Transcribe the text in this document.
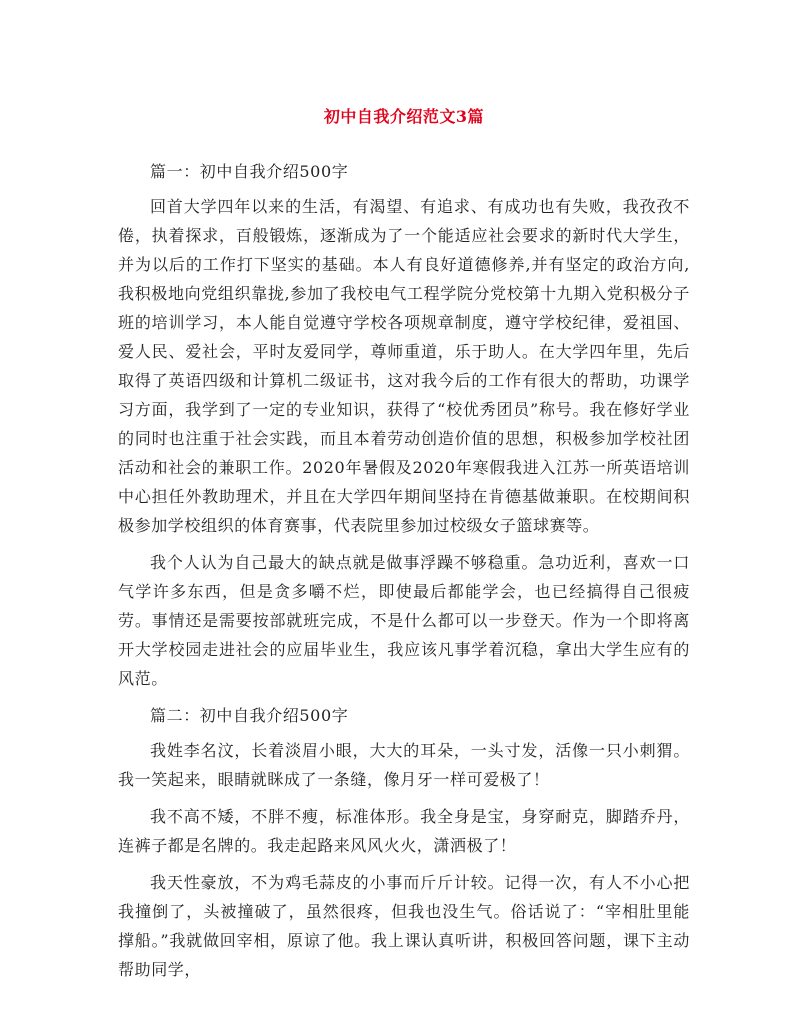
初中自我介绍范文3篇

篇一：初中自我介绍500字

回首大学四年以来的生活，有渴望、有追求、有成功也有失败，我孜孜不倦，执着探求，百般锻炼，逐渐成为了一个能适应社会要求的新时代大学生，并为以后的工作打下坚实的基础。本人有良好道德修养,并有坚定的政治方向,我积极地向党组织靠拢,参加了我校电气工程学院分党校第十九期入党积极分子班的培训学习，本人能自觉遵守学校各项规章制度，遵守学校纪律，爱祖国、爱人民、爱社会，平时友爱同学，尊师重道，乐于助人。在大学四年里，先后取得了英语四级和计算机二级证书，这对我今后的工作有很大的帮助，功课学习方面，我学到了一定的专业知识，获得了“校优秀团员”称号。我在修好学业的同时也注重于社会实践，而且本着劳动创造价值的思想，积极参加学校社团活动和社会的兼职工作。2020年暑假及2020年寒假我进入江苏一所英语培训中心担任外教助理术，并且在大学四年期间坚持在肯德基做兼职。在校期间积极参加学校组织的体育赛事，代表院里参加过校级女子篮球赛等。

我个人认为自己最大的缺点就是做事浮躁不够稳重。急功近利，喜欢一口气学许多东西，但是贪多嚼不烂，即使最后都能学会，也已经搞得自己很疲劳。事情还是需要按部就班完成，不是什么都可以一步登天。作为一个即将离开大学校园走进社会的应届毕业生，我应该凡事学着沉稳，拿出大学生应有的风范。

篇二：初中自我介绍500字

我姓李名汶，长着淡眉小眼，大大的耳朵，一头寸发，活像一只小刺猬。我一笑起来，眼睛就眯成了一条缝，像月牙一样可爱极了！

我不高不矮，不胖不瘦，标准体形。我全身是宝，身穿耐克，脚踏乔丹，连裤子都是名牌的。我走起路来风风火火，潇洒极了！

我天性豪放，不为鸡毛蒜皮的小事而斤斤计较。记得一次，有人不小心把我撞倒了，头被撞破了，虽然很疼，但我也没生气。俗话说了：“宰相肚里能撑船。”我就做回宰相，原谅了他。我上课认真听讲，积极回答问题，课下主动帮助同学，
